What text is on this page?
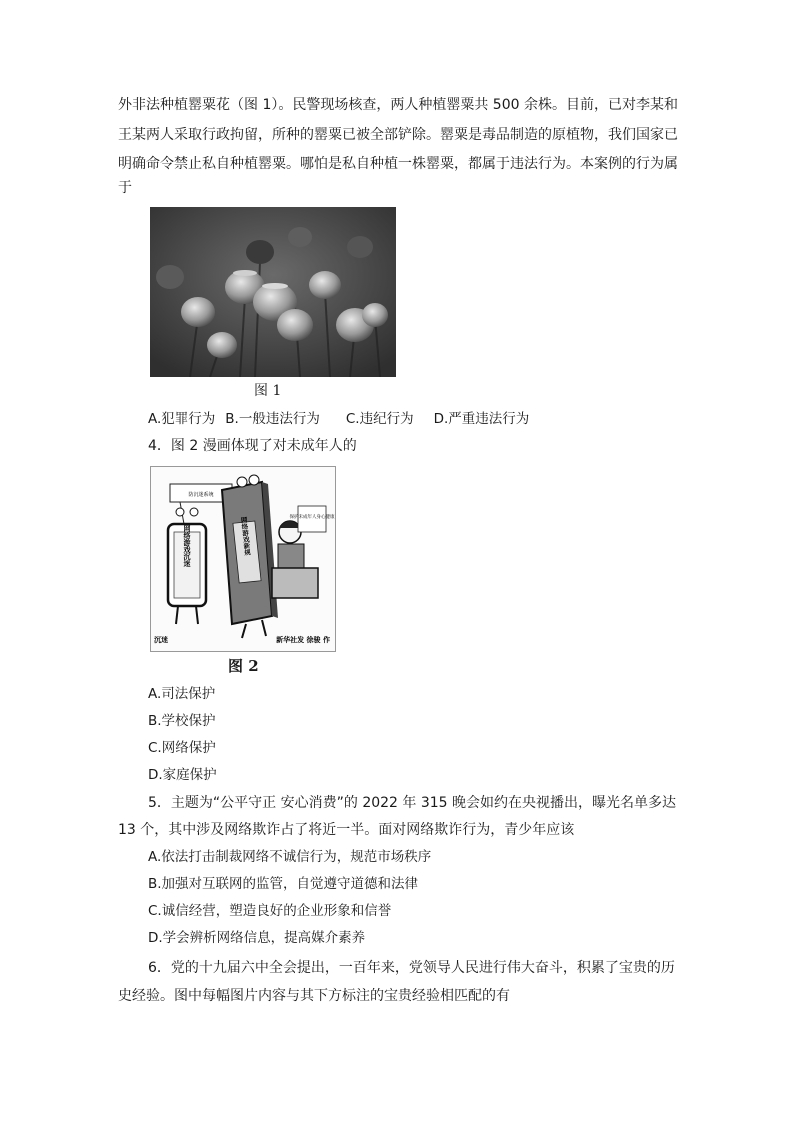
外非法种植罂粟花（图 1）。民警现场核查，两人种植罂粟共 500 余株。目前，已对李某和
王某两人采取行政拘留，所种的罂粟已被全部铲除。罂粟是毒品制造的原植物，我们国家已
明确命令禁止私自种植罂粟。哪怕是私自种植一株罂粟，都属于违法行为。本案例的行为属
于
图 1
A.犯罪行为 B.一般违法行为 C.违纪行为 D.严重违法行为
4．图 2 漫画体现了对未成年人的
防沉迷系统
网络游戏沉迷	网络游戏新规	保护未成年人身心健康
沉迷	新华社发 徐骏 作
图 2
A.司法保护
B.学校保护
C.网络保护
D.家庭保护
5．主题为“公平守正 安心消费”的 2022 年 315 晚会如约在央视播出，曝光名单多达
13 个，其中涉及网络欺诈占了将近一半。面对网络欺诈行为，青少年应该
A.依法打击制裁网络不诚信行为，规范市场秩序
B.加强对互联网的监管，自觉遵守道德和法律
C.诚信经营，塑造良好的企业形象和信誉
D.学会辨析网络信息，提高媒介素养
6．党的十九届六中全会提出，一百年来，党领导人民进行伟大奋斗，积累了宝贵的历
史经验。图中每幅图片内容与其下方标注的宝贵经验相匹配的有
